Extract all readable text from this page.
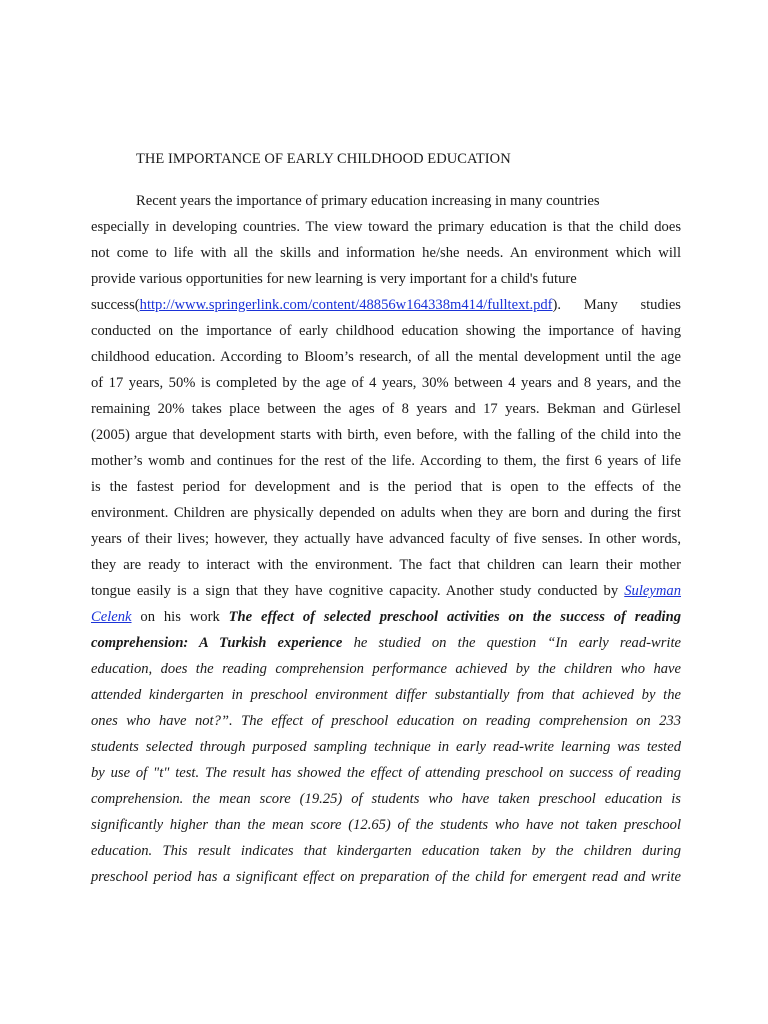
THE IMPORTANCE OF EARLY CHILDHOOD EDUCATION

Recent years the importance of primary education increasing in many countries

especially in developing countries. The view toward the primary education is that the child does

not come to life with all the skills and information he/she needs. An environment which will

provide various opportunities for new learning is very important for a child's future

success(http://www.springerlink.com/content/48856w164338m414/fulltext.pdf). Many studies

conducted on the importance of early childhood education showing the importance of having

childhood education. According to Bloom’s research, of all the mental development until the age

of 17 years, 50% is completed by the age of 4 years, 30% between 4 years and 8 years, and the

remaining 20% takes place between the ages of 8 years and 17 years. Bekman and Gürlesel

(2005) argue that development starts with birth, even before, with the falling of the child into the

mother’s womb and continues for the rest of the life. According to them, the first 6 years of life

is the fastest period for development and is the period that is open to the effects of the

environment. Children are physically depended on adults when they are born and during the first

years of their lives; however, they actually have advanced faculty of five senses. In other words,

they are ready to interact with the environment. The fact that children can learn their mother

tongue easily is a sign that they have cognitive capacity. Another study conducted by Suleyman

Celenk on his work The effect of selected preschool activities on the success of reading

comprehension: A Turkish experience he studied on the question “In early read-write

education, does the reading comprehension performance achieved by the children who have

attended kindergarten in preschool environment differ substantially from that achieved by the

ones who have not?”. The effect of preschool education on reading comprehension on 233

students selected through purposed sampling technique in early read-write learning was tested

by use of "t" test. The result has showed the effect of attending preschool on success of reading

comprehension. the mean score (19.25) of students who have taken preschool education is

significantly higher than the mean score (12.65) of the students who have not taken preschool

education. This result indicates that kindergarten education taken by the children during

preschool period has a significant effect on preparation of the child for emergent read and write
